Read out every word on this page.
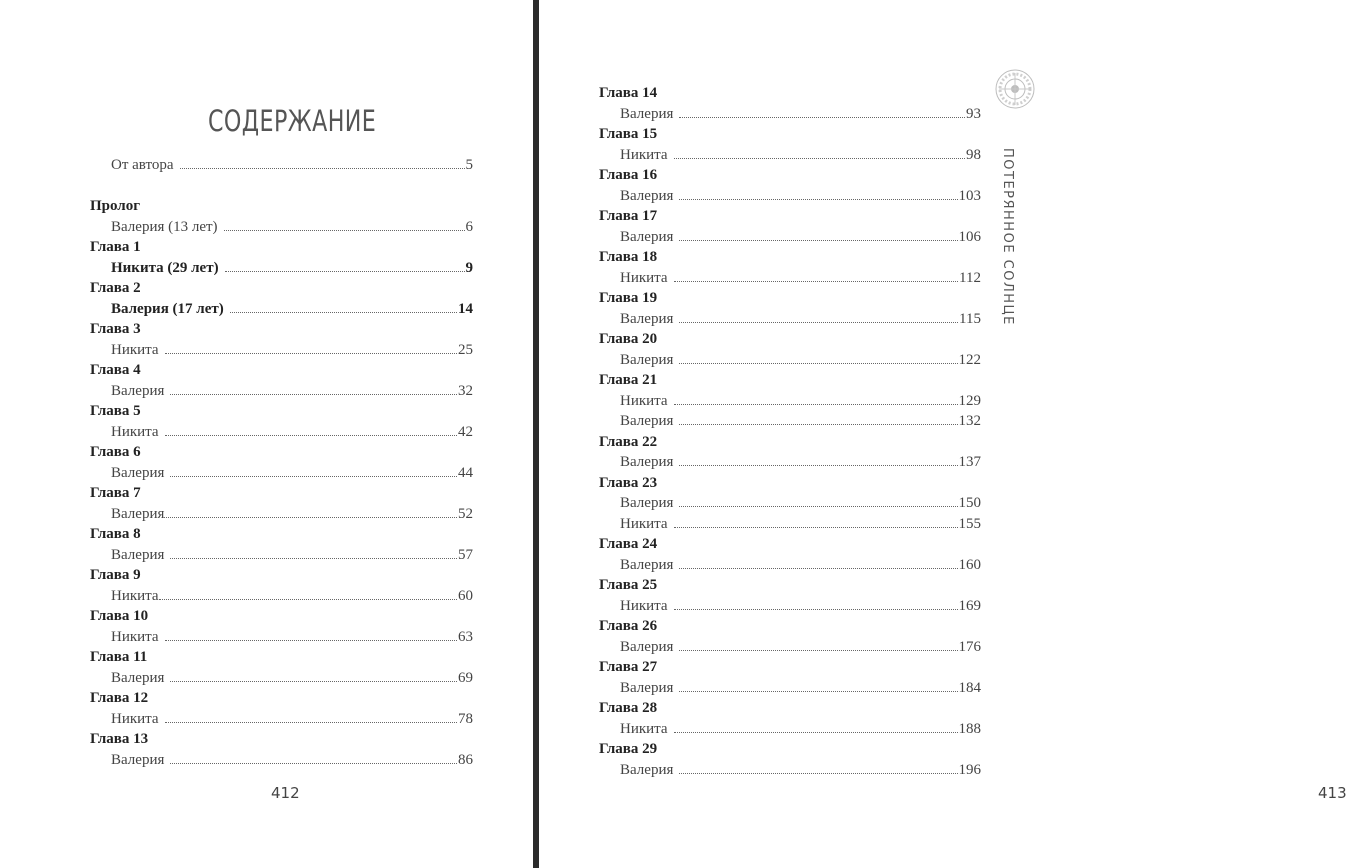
СОДЕРЖАНИЕ
От автора	5
Пролог
Валерия (13 лет)	6
Глава 1
Никита (29 лет)	9
Глава 2
Валерия (17 лет)	14
Глава 3
Никита	25
Глава 4
Валерия	32
Глава 5
Никита	42
Глава 6
Валерия	44
Глава 7
Валерия	52
Глава 8
Валерия	57
Глава 9
Никита	60
Глава 10
Никита	63
Глава 11
Валерия	69
Глава 12
Никита	78
Глава 13
Валерия	86
412	413
Глава 14
Валерия	93
Глава 15
Никита	98
Глава 16
Валерия	103
Глава 17
Валерия	106
Глава 18
Никита	112
Глава 19
Валерия	115
Глава 20
Валерия	122
Глава 21
Никита	129
Валерия	132
Глава 22
Валерия	137
Глава 23
Валерия	150
Никита	155
Глава 24
Валерия	160
Глава 25
Никита	169
Глава 26
Валерия	176
Глава 27
Валерия	184
Глава 28
Никита	188
Глава 29
Валерия	196
ПОТЕРЯННОЕ СОЛНЦЕ
